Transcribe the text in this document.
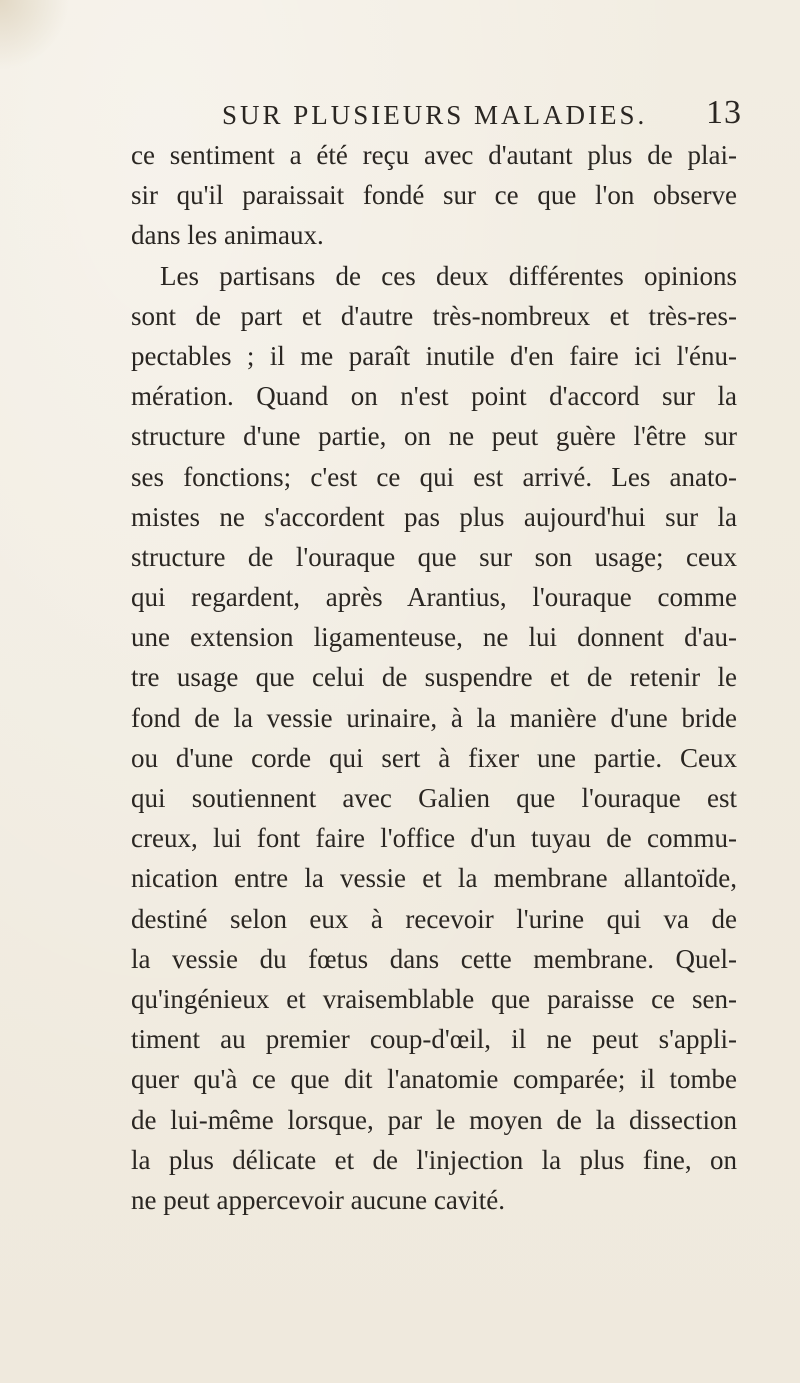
SUR PLUSIEURS MALADIES. 13
ce sentiment a été reçu avec d'autant plus de plai-
sir qu'il paraissait fondé sur ce que l'on observe
dans les animaux.
Les partisans de ces deux différentes opinions
sont de part et d'autre très-nombreux et très-res-
pectables ; il me paraît inutile d'en faire ici l'énu-
mération. Quand on n'est point d'accord sur la
structure d'une partie, on ne peut guère l'être sur
ses fonctions; c'est ce qui est arrivé. Les anato-
mistes ne s'accordent pas plus aujourd'hui sur la
structure de l'ouraque que sur son usage; ceux
qui regardent, après Arantius, l'ouraque comme
une extension ligamenteuse, ne lui donnent d'au-
tre usage que celui de suspendre et de retenir le
fond de la vessie urinaire, à la manière d'une bride
ou d'une corde qui sert à fixer une partie. Ceux
qui soutiennent avec Galien que l'ouraque est
creux, lui font faire l'office d'un tuyau de commu-
nication entre la vessie et la membrane allantoïde,
destiné selon eux à recevoir l'urine qui va de
la vessie du fœtus dans cette membrane. Quel-
qu'ingénieux et vraisemblable que paraisse ce sen-
timent au premier coup-d'œil, il ne peut s'appli-
quer qu'à ce que dit l'anatomie comparée; il tombe
de lui-même lorsque, par le moyen de la dissection
la plus délicate et de l'injection la plus fine, on
ne peut appercevoir aucune cavité.
